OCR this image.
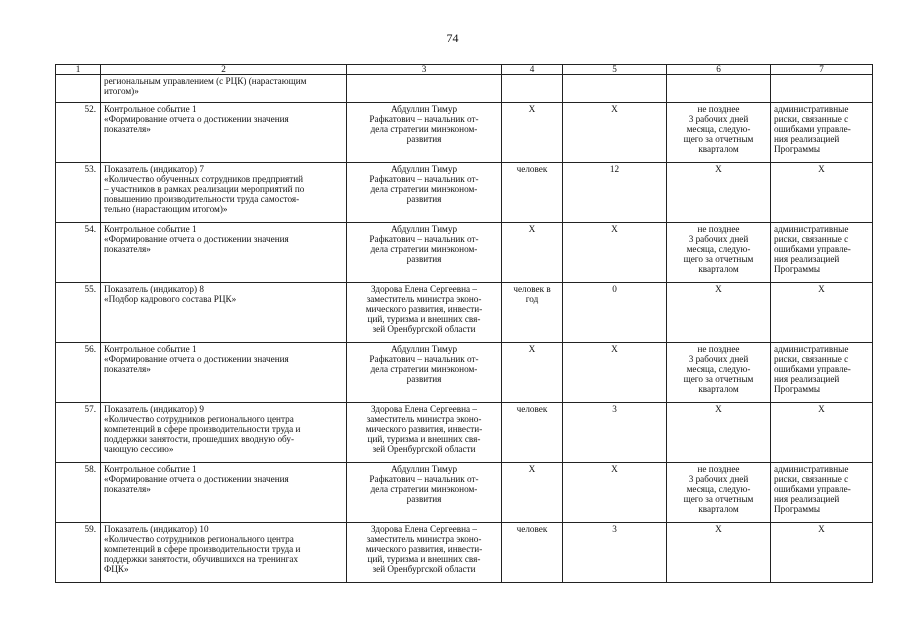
74
1	2	3	4	5	6	7

	региональным управлением (с РЦК) (нарастающим
итогом)»					

52.	Контрольное событие 1
«Формирование отчета о достижении значения
показателя»	Абдуллин Тимур
Рафкатович – начальник от-
дела стратегии минэконом-
развития	X	X	не позднее
3 рабочих дней
месяца, следую-
щего за отчетным
кварталом	административные
риски, связанные с
ошибками управле-
ния реализацией
Программы

53.	Показатель (индикатор) 7
«Количество обученных сотрудников предприятий
– участников в рамках реализации мероприятий по
повышению производительности труда самостоя-
тельно (нарастающим итогом)»	Абдуллин Тимур
Рафкатович – начальник от-
дела стратегии минэконом-
развития	человек	12	X	X

54.	Контрольное событие 1
«Формирование отчета о достижении значения
показателя»	Абдуллин Тимур
Рафкатович – начальник от-
дела стратегии минэконом-
развития	X	X	не позднее
3 рабочих дней
месяца, следую-
щего за отчетным
кварталом	административные
риски, связанные с
ошибками управле-
ния реализацией
Программы

55.	Показатель (индикатор) 8
«Подбор кадрового состава РЦК»	Здорова Елена Сергеевна –
заместитель министра эконо-
мического развития, инвести-
ций, туризма и внешних свя-
зей Оренбургской области	человек в
год	0	X	X

56.	Контрольное событие 1
«Формирование отчета о достижении значения
показателя»	Абдуллин Тимур
Рафкатович – начальник от-
дела стратегии минэконом-
развития	X	X	не позднее
3 рабочих дней
месяца, следую-
щего за отчетным
кварталом	административные
риски, связанные с
ошибками управле-
ния реализацией
Программы

57.	Показатель (индикатор) 9
«Количество сотрудников регионального центра
компетенций в сфере производительности труда и
поддержки занятости, прошедших вводную обу-
чающую сессию»	Здорова Елена Сергеевна –
заместитель министра эконо-
мического развития, инвести-
ций, туризма и внешних свя-
зей Оренбургской области	человек	3	X	X

58.	Контрольное событие 1
«Формирование отчета о достижении значения
показателя»	Абдуллин Тимур
Рафкатович – начальник от-
дела стратегии минэконом-
развития	X	X	не позднее
3 рабочих дней
месяца, следую-
щего за отчетным
кварталом	административные
риски, связанные с
ошибками управле-
ния реализацией
Программы

59.	Показатель (индикатор) 10
«Количество сотрудников регионального центра
компетенций в сфере производительности труда и
поддержки занятости, обучившихся на тренингах
ФЦК»	Здорова Елена Сергеевна –
заместитель министра эконо-
мического развития, инвести-
ций, туризма и внешних свя-
зей Оренбургской области	человек	3	X	X
